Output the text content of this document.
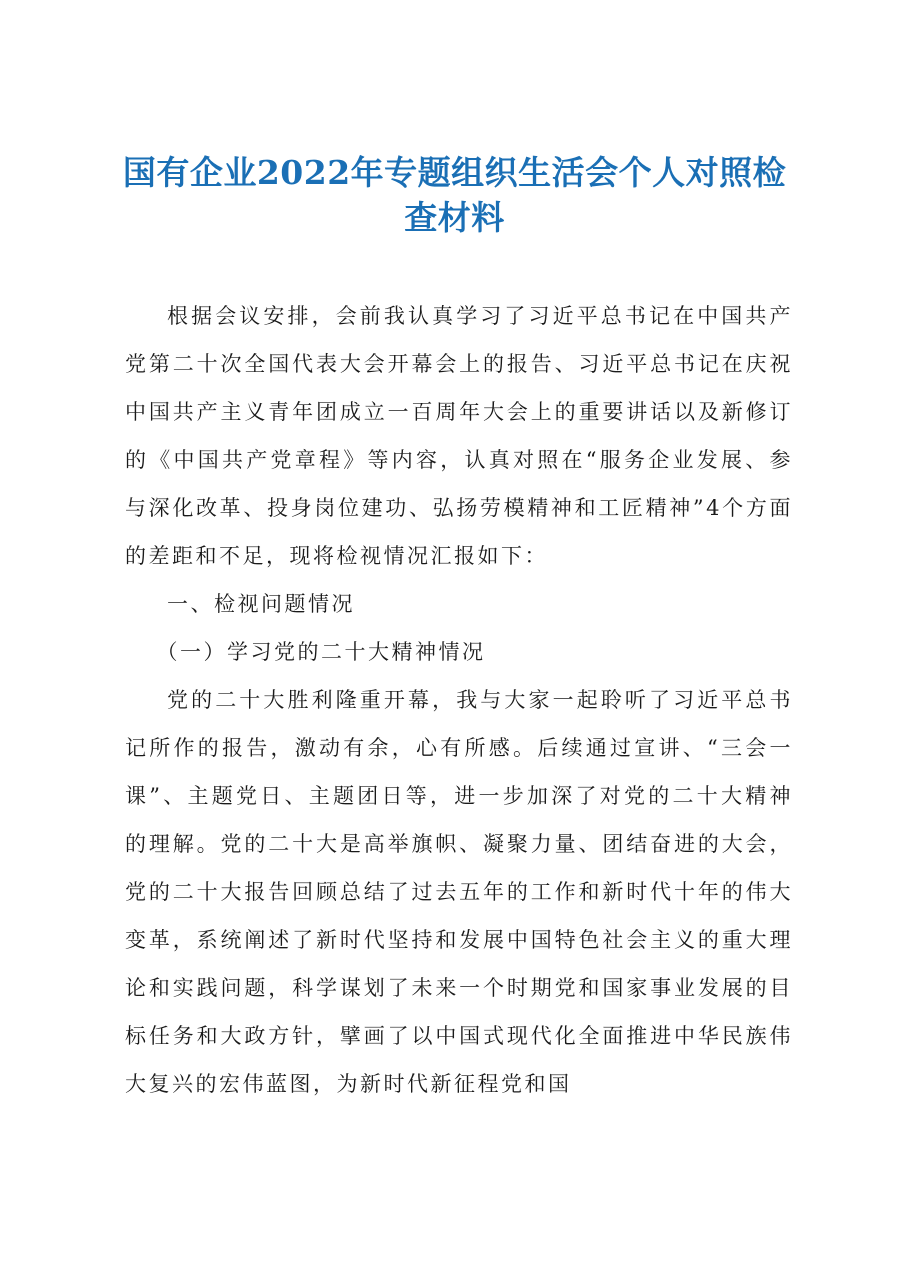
国有企业2022年专题组织生活会个人对照检查材料

根据会议安排，会前我认真学习了习近平总书记在中国共产党第二十次全国代表大会开幕会上的报告、习近平总书记在庆祝中国共产主义青年团成立一百周年大会上的重要讲话以及新修订的《中国共产党章程》等内容，认真对照在“服务企业发展、参与深化改革、投身岗位建功、弘扬劳模精神和工匠精神”4个方面的差距和不足，现将检视情况汇报如下：

一、检视问题情况

（一）学习党的二十大精神情况

党的二十大胜利隆重开幕，我与大家一起聆听了习近平总书记所作的报告，激动有余，心有所感。后续通过宣讲、“三会一课”、主题党日、主题团日等，进一步加深了对党的二十大精神的理解。党的二十大是高举旗帜、凝聚力量、团结奋进的大会，党的二十大报告回顾总结了过去五年的工作和新时代十年的伟大变革，系统阐述了新时代坚持和发展中国特色社会主义的重大理论和实践问题，科学谋划了未来一个时期党和国家事业发展的目标任务和大政方针，擘画了以中国式现代化全面推进中华民族伟大复兴的宏伟蓝图，为新时代新征程党和国
